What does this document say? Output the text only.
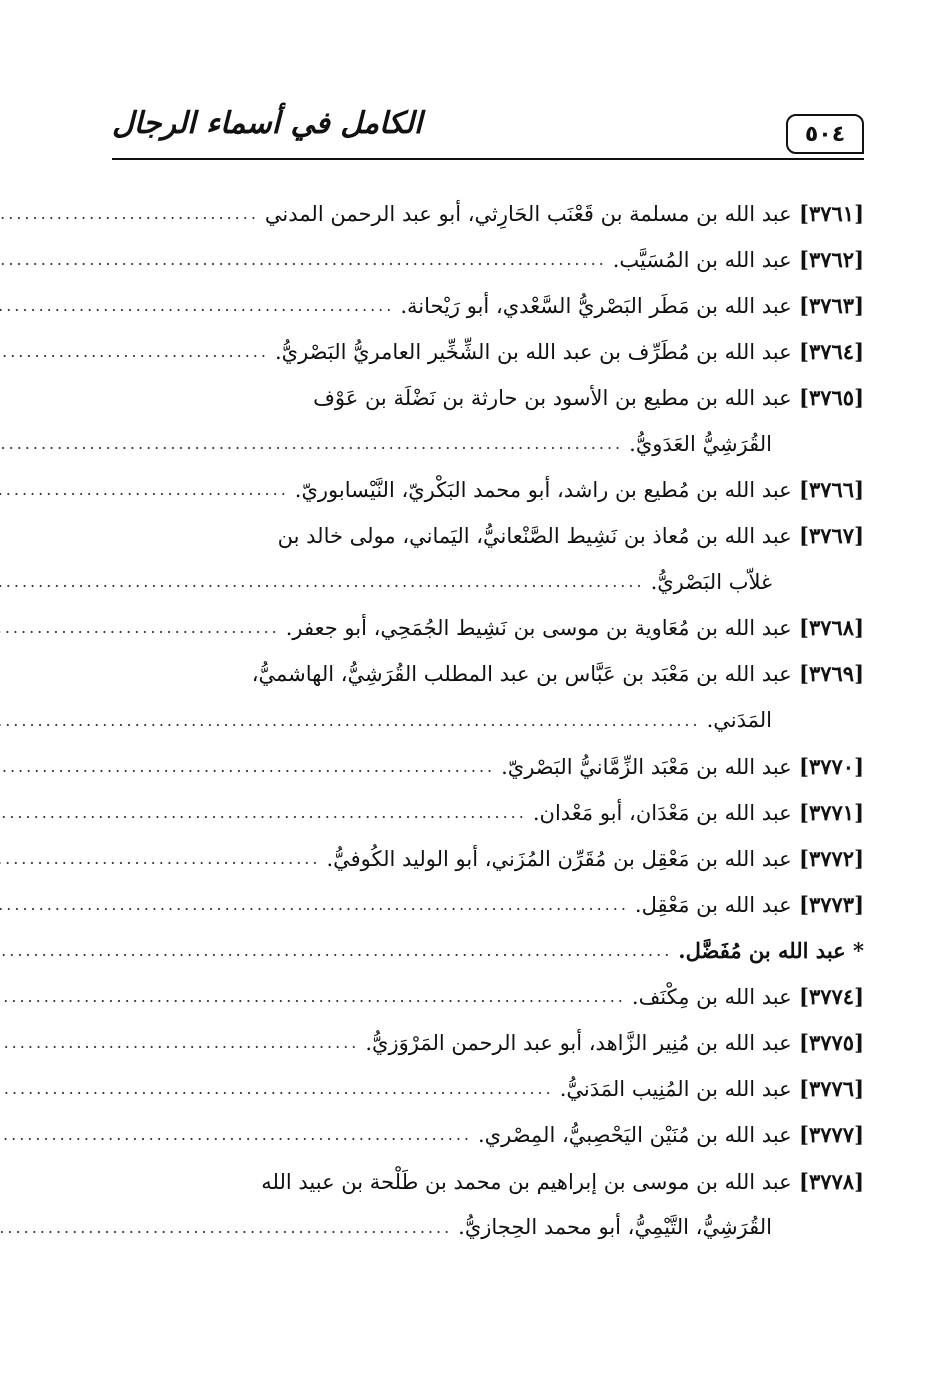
الكامل في أسماء الرجال	٥٠٤
[٣٧٦١] عبد الله بن مسلمة بن قَعْنَب الحَارِثي، أبو عبد الرحمن المدني
.....
[٣٧٦٢] عبد الله بن المُسَيَّب.
.....
[٣٧٦٣] عبد الله بن مَطَر البَصْريُّ السَّعْدي، أبو رَيْحانة.
.....
[٣٧٦٤] عبد الله بن مُطَرِّف بن عبد الله بن الشِّخِّير العامريُّ البَصْريُّ.
.....
[٣٧٦٥] عبد الله بن مطيع بن الأسود بن حارثة بن نَضْلَة بن عَوْف
القُرَشِيُّ العَدَويُّ.
.....
[٣٧٦٦] عبد الله بن مُطيع بن راشد، أبو محمد البَكْريّ، النَّيْسابوريّ.
.....
[٣٧٦٧] عبد الله بن مُعاذ بن نَشِيط الصَّنْعانيُّ، اليَماني، مولى خالد بن
غلاّب البَصْريُّ.
.....
[٣٧٦٨] عبد الله بن مُعَاوية بن موسى بن نَشِيط الجُمَحِي، أبو جعفر.
.....
[٣٧٦٩] عبد الله بن مَعْبَد بن عَبَّاس بن عبد المطلب القُرَشِيُّ، الهاشميُّ،
المَدَني.
.....
[٣٧٧٠] عبد الله بن مَعْبَد الزِّمَّانيُّ البَصْريّ.
.....
[٣٧٧١] عبد الله بن مَعْدَان، أبو مَعْدان.
.....
[٣٧٧٢] عبد الله بن مَعْقِل بن مُقَرِّن المُزَني، أبو الوليد الكُوفيُّ.
.....
[٣٧٧٣] عبد الله بن مَعْقِل.
.....
* عبد الله بن مُفَضَّل.
.....
[٣٧٧٤] عبد الله بن مِكْنَف.
.....
[٣٧٧٥] عبد الله بن مُنِير الزَّاهد، أبو عبد الرحمن المَرْوَزيُّ.
.....
[٣٧٧٦] عبد الله بن المُنِيب المَدَنيُّ.
.....
[٣٧٧٧] عبد الله بن مُنَيْن اليَحْصِبيُّ، المِصْري.
.....
[٣٧٧٨] عبد الله بن موسى بن إبراهيم بن محمد بن طَلْحة بن عبيد الله
القُرَشِيُّ، التَّيْمِيُّ، أبو محمد الحِجازيُّ.
.....
